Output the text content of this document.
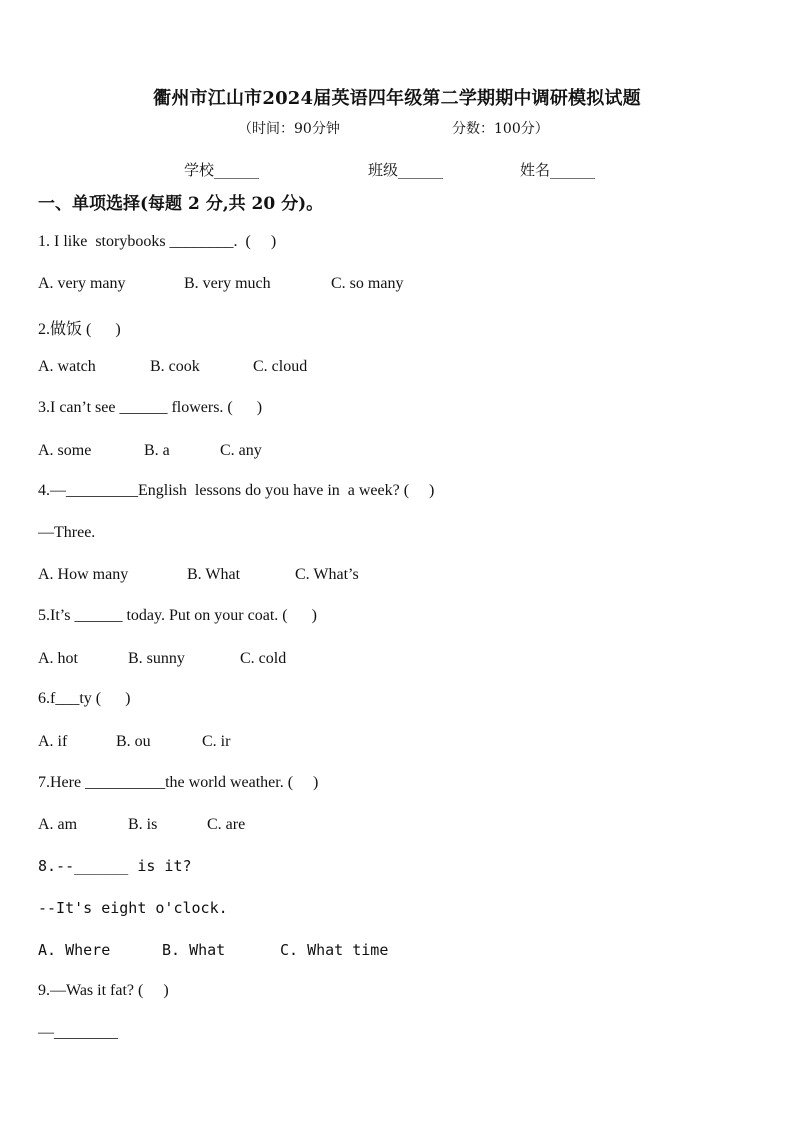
衢州市江山市2024届英语四年级第二学期期中调研模拟试题
（时间：90分钟	分数：100分）
学校______	班级______	姓名______
一、单项选择(每题 2 分,共 20 分)。
1. I like  storybooks ________.  (     )
A. very many	B. very much	C. so many
2.做饭 (      )
A. watch	B. cook	C. cloud
3.I can’t see ______ flowers. (      )
A. some	B. a	C. any
4.—_________English  lessons do you have in  a week? (     )
—Three.
A. How many	B. What	C. What’s
5.It’s ______ today. Put on your coat. (      )
A. hot	B. sunny	C. cold
6.f___ty (      )
A. if	B. ou	C. ir
7.Here __________the world weather. (     )
A. am	B. is	C. are
8.--______ is it?
--It's eight o'clock.
A. Where	B. What	C. What time
9.—Was it fat? (     )
—________
